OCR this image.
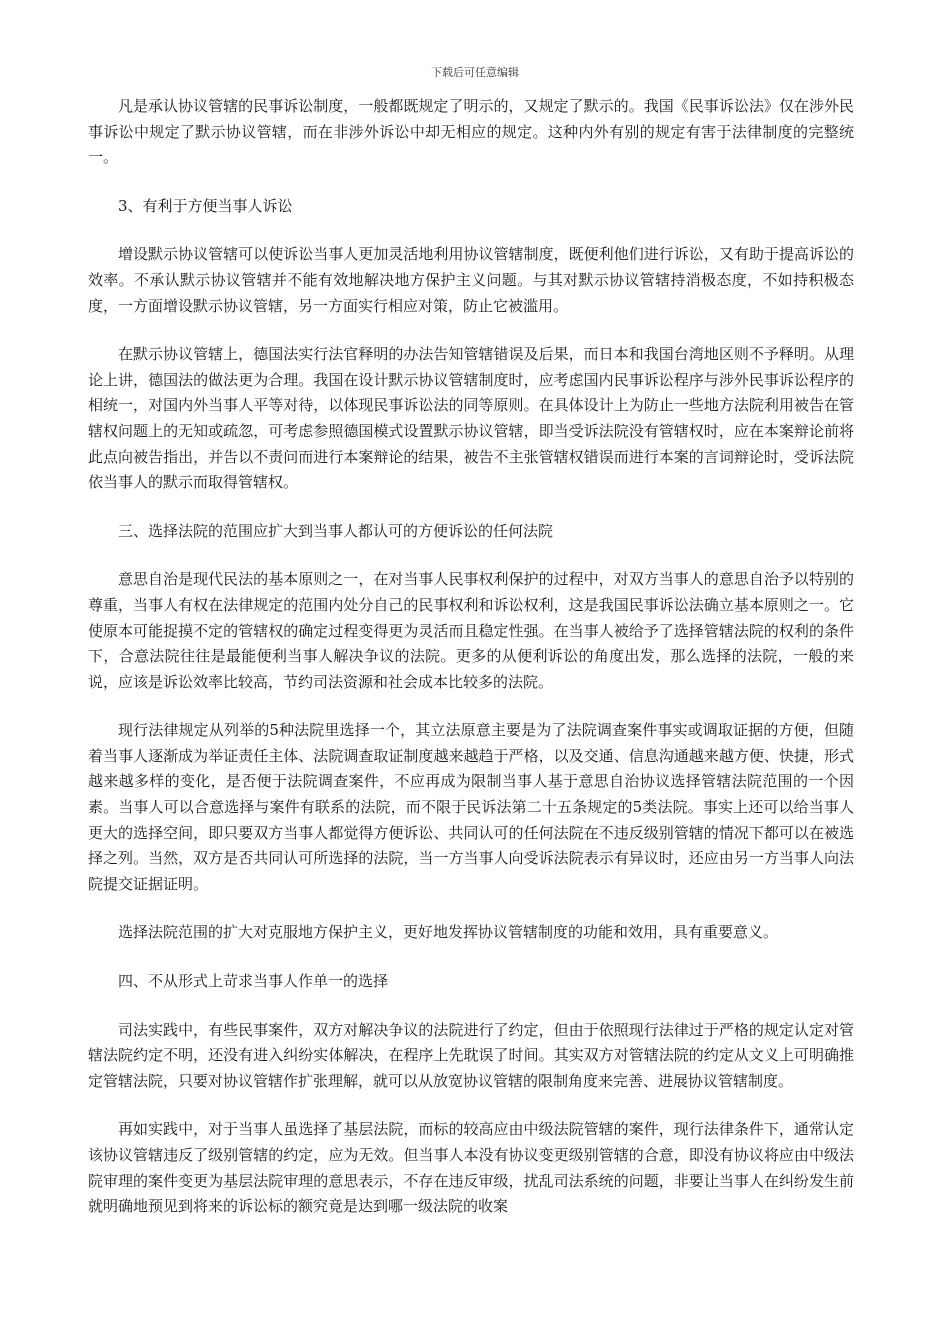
下载后可任意编辑

凡是承认协议管辖的民事诉讼制度，一般都既规定了明示的，又规定了默示的。我国《民事诉讼法》仅在涉外民事诉讼中规定了默示协议管辖，而在非涉外诉讼中却无相应的规定。这种内外有别的规定有害于法律制度的完整统一。

3、有利于方便当事人诉讼

增设默示协议管辖可以使诉讼当事人更加灵活地利用协议管辖制度，既便利他们进行诉讼，又有助于提高诉讼的效率。不承认默示协议管辖并不能有效地解决地方保护主义问题。与其对默示协议管辖持消极态度，不如持积极态度，一方面增设默示协议管辖，另一方面实行相应对策，防止它被滥用。

在默示协议管辖上，德国法实行法官释明的办法告知管辖错误及后果，而日本和我国台湾地区则不予释明。从理论上讲，德国法的做法更为合理。我国在设计默示协议管辖制度时，应考虑国内民事诉讼程序与涉外民事诉讼程序的相统一，对国内外当事人平等对待，以体现民事诉讼法的同等原则。在具体设计上为防止一些地方法院利用被告在管辖权问题上的无知或疏忽，可考虑参照德国模式设置默示协议管辖，即当受诉法院没有管辖权时，应在本案辩论前将此点向被告指出，并告以不责问而进行本案辩论的结果，被告不主张管辖权错误而进行本案的言词辩论时，受诉法院依当事人的默示而取得管辖权。

三、选择法院的范围应扩大到当事人都认可的方便诉讼的任何法院

意思自治是现代民法的基本原则之一，在对当事人民事权利保护的过程中，对双方当事人的意思自治予以特别的尊重，当事人有权在法律规定的范围内处分自己的民事权利和诉讼权利，这是我国民事诉讼法确立基本原则之一。它使原本可能捉摸不定的管辖权的确定过程变得更为灵活而且稳定性强。在当事人被给予了选择管辖法院的权利的条件下，合意法院往往是最能便利当事人解决争议的法院。更多的从便利诉讼的角度出发，那么选择的法院，一般的来说，应该是诉讼效率比较高，节约司法资源和社会成本比较多的法院。

现行法律规定从列举的5种法院里选择一个，其立法原意主要是为了法院调查案件事实或调取证据的方便，但随着当事人逐渐成为举证责任主体、法院调查取证制度越来越趋于严格，以及交通、信息沟通越来越方便、快捷，形式越来越多样的变化，是否便于法院调查案件，不应再成为限制当事人基于意思自治协议选择管辖法院范围的一个因素。当事人可以合意选择与案件有联系的法院，而不限于民诉法第二十五条规定的5类法院。事实上还可以给当事人更大的选择空间，即只要双方当事人都觉得方便诉讼、共同认可的任何法院在不违反级别管辖的情况下都可以在被选择之列。当然，双方是否共同认可所选择的法院，当一方当事人向受诉法院表示有异议时，还应由另一方当事人向法院提交证据证明。

选择法院范围的扩大对克服地方保护主义，更好地发挥协议管辖制度的功能和效用，具有重要意义。

四、不从形式上苛求当事人作单一的选择

司法实践中，有些民事案件，双方对解决争议的法院进行了约定，但由于依照现行法律过于严格的规定认定对管辖法院约定不明，还没有进入纠纷实体解决，在程序上先耽误了时间。其实双方对管辖法院的约定从文义上可明确推定管辖法院，只要对协议管辖作扩张理解，就可以从放宽协议管辖的限制角度来完善、进展协议管辖制度。

再如实践中，对于当事人虽选择了基层法院，而标的较高应由中级法院管辖的案件，现行法律条件下，通常认定该协议管辖违反了级别管辖的约定，应为无效。但当事人本没有协议变更级别管辖的合意，即没有协议将应由中级法院审理的案件变更为基层法院审理的意思表示，不存在违反审级，扰乱司法系统的问题，非要让当事人在纠纷发生前就明确地预见到将来的诉讼标的额究竟是达到哪一级法院的收案
